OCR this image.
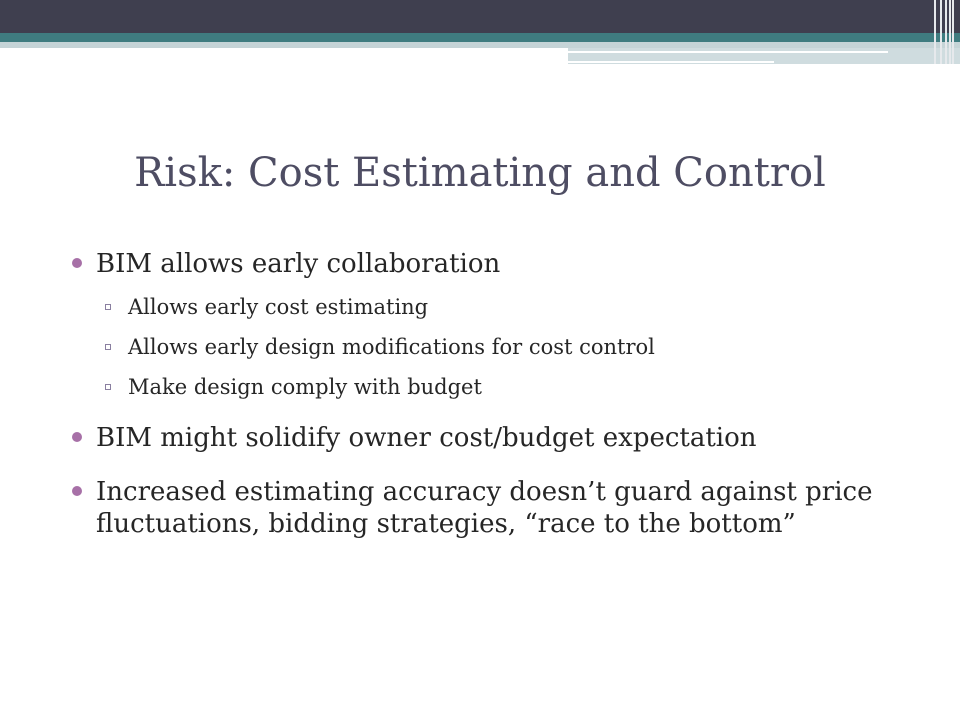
Risk: Cost Estimating and Control

BIM allows early collaboration

Allows early cost estimating

Allows early design modifications for cost control

Make design comply with budget

BIM might solidify owner cost/budget expectation

Increased estimating accuracy doesn’t guard against price fluctuations, bidding strategies, “race to the bottom”
